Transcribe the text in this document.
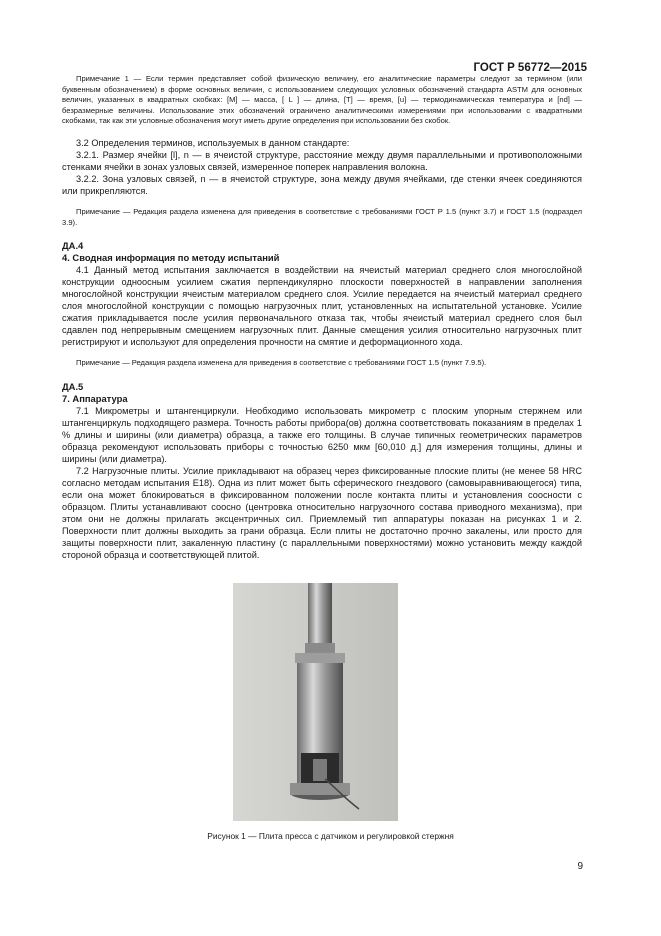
ГОСТ Р 56772—2015

Примечание 1 — Если термин представляет собой физическую величину, его аналитические параметры следуют за термином (или буквенным обозначением) в форме основных величин, с использованием следующих условных обозначений стандарта ASTM для основных величин, указанных в квадратных скобках: [M] — масса, [ L ] — длина, [T] — время, [u] — термодинамическая температура и [nd] — безразмерные величины. Использование этих обозначений ограничено аналитическими измерениями при использовании с квадратными скобками, так как эти условные обозначения могут иметь другие определения при использовании без скобок.

3.2 Определения терминов, используемых в данном стандарте:

3.2.1. Размер ячейки [l], n — в ячеистой структуре, расстояние между двумя параллельными и противоположными стенками ячейки в зонах узловых связей, измеренное поперек направления волокна.

3.2.2. Зона узловых связей, n — в ячеистой структуре, зона между двумя ячейками, где стенки ячеек соединяются или прикрепляются.

Примечание — Редакция раздела изменена для приведения в соответствие с требованиями ГОСТ Р 1.5 (пункт 3.7) и ГОСТ 1.5 (подраздел 3.9).

ДА.4

4. Сводная информация по методу испытаний

4.1 Данный метод испытания заключается в воздействии на ячеистый материал среднего слоя многослойной конструкции одноосным усилием сжатия перпендикулярно плоскости поверхностей в направлении заполнения многослойной конструкции ячеистым материалом среднего слоя. Усилие передается на ячеистый материал среднего слоя многослойной конструкции с помощью нагрузочных плит, установленных на испытательной установке. Усилие сжатия прикладывается после усилия первоначального отказа так, чтобы ячеистый материал среднего слоя был сдавлен под непрерывным смещением нагрузочных плит. Данные смещения усилия относительно нагрузочных плит регистрируют и используют для определения прочности на смятие и деформационного хода.

Примечание — Редакция раздела изменена для приведения в соответствие с требованиями ГОСТ 1.5 (пункт 7.9.5).

ДА.5

7. Аппаратура

7.1 Микрометры и штангенциркули. Необходимо использовать микрометр с плоским упорным стержнем или штангенциркуль подходящего размера. Точность работы прибора(ов) должна соответствовать показаниям в пределах 1 % длины и ширины (или диаметра) образца, а также его толщины. В случае типичных геометрических параметров образца рекомендуют использовать приборы с точностью 6250 мкм [60,010 д.] для измерения толщины, длины и ширины (или диаметра).

7.2 Нагрузочные плиты. Усилие прикладывают на образец через фиксированные плоские плиты (не менее 58 HRC согласно методам испытания E18). Одна из плит может быть сферического гнездового (самовыравнивающегося) типа, если она может блокироваться в фиксированном положении после контакта плиты и установления соосности с образцом. Плиты устанавливают соосно (центровка относительно нагрузочного состава приводного механизма), при этом они не должны прилагать эксцентричных сил. Приемлемый тип аппаратуры показан на рисунках 1 и 2. Поверхности плит должны выходить за грани образца. Если плиты не достаточно прочно закалены, или просто для защиты поверхности плит, закаленную пластину (с параллельными поверхностями) можно установить между каждой стороной образца и соответствующей плитой.

Рисунок 1 — Плита пресса с датчиком и регулировкой стержня
9
